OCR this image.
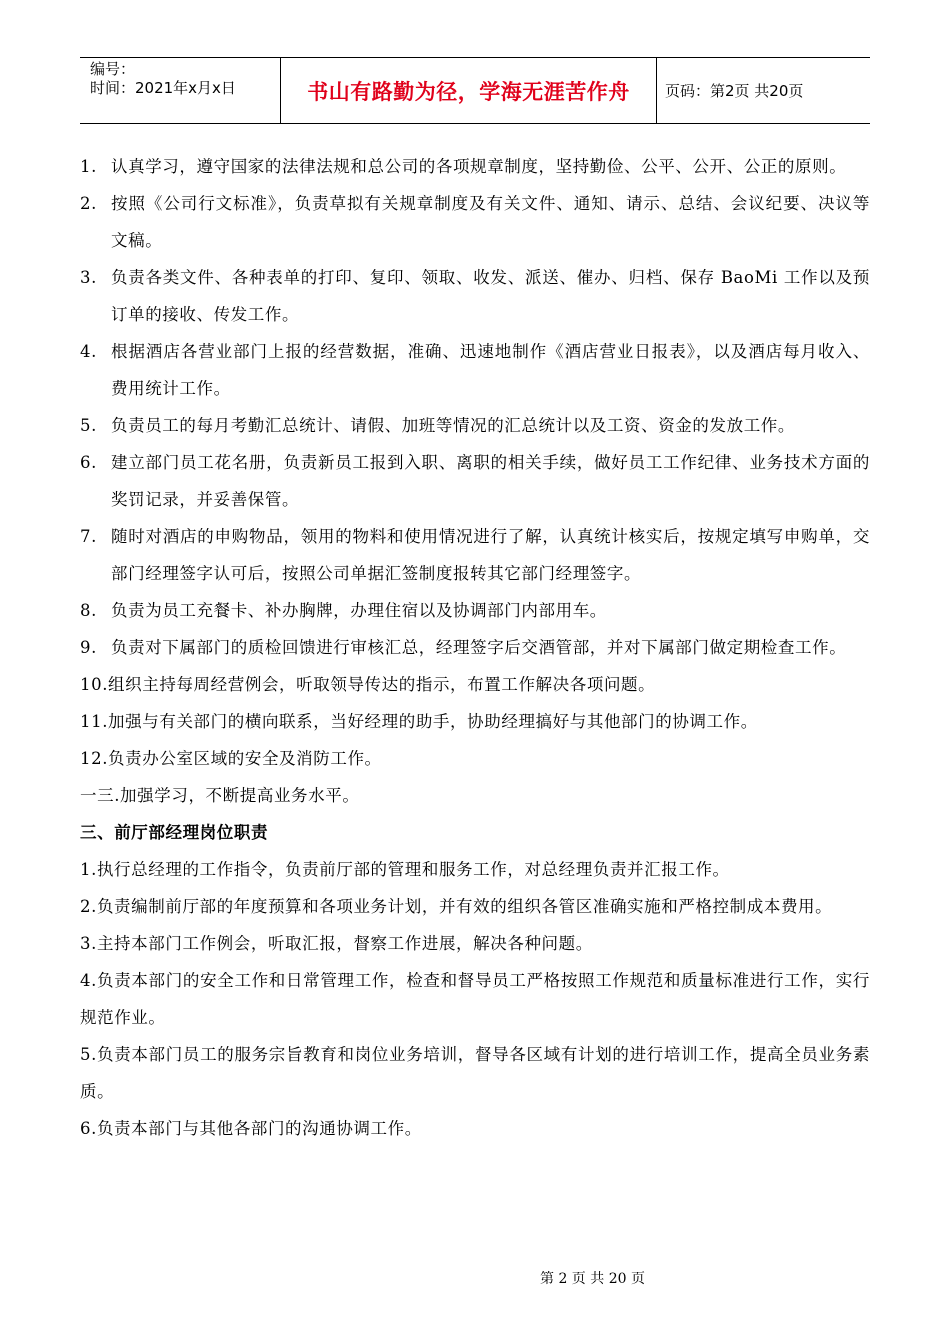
编号：
时间：2021年x月x日	书山有路勤为径，学海无涯苦作舟	页码：第2页 共20页
1. 认真学习，遵守国家的法律法规和总公司的各项规章制度，坚持勤俭、公平、公开、公正的原则。
2. 按照《公司行文标准》，负责草拟有关规章制度及有关文件、通知、请示、总结、会议纪要、决议等文稿。
3. 负责各类文件、各种表单的打印、复印、领取、收发、派送、催办、归档、保存 BaoMi 工作以及预订单的接收、传发工作。
4. 根据酒店各营业部门上报的经营数据，准确、迅速地制作《酒店营业日报表》，以及酒店每月收入、费用统计工作。
5. 负责员工的每月考勤汇总统计、请假、加班等情况的汇总统计以及工资、资金的发放工作。
6. 建立部门员工花名册，负责新员工报到入职、离职的相关手续，做好员工工作纪律、业务技术方面的奖罚记录，并妥善保管。
7. 随时对酒店的申购物品，领用的物料和使用情况进行了解，认真统计核实后，按规定填写申购单，交部门经理签字认可后，按照公司单据汇签制度报转其它部门经理签字。
8. 负责为员工充餐卡、补办胸牌，办理住宿以及协调部门内部用车。
9. 负责对下属部门的质检回馈进行审核汇总，经理签字后交酒管部，并对下属部门做定期检查工作。
10.组织主持每周经营例会，听取领导传达的指示，布置工作解决各项问题。
11.加强与有关部门的横向联系，当好经理的助手，协助经理搞好与其他部门的协调工作。
12.负责办公室区域的安全及消防工作。
一三.加强学习，不断提高业务水平。
三、前厅部经理岗位职责
1.执行总经理的工作指令，负责前厅部的管理和服务工作，对总经理负责并汇报工作。
2.负责编制前厅部的年度预算和各项业务计划，并有效的组织各管区准确实施和严格控制成本费用。
3.主持本部门工作例会，听取汇报，督察工作进展，解决各种问题。
4.负责本部门的安全工作和日常管理工作，检查和督导员工严格按照工作规范和质量标准进行工作，实行规范作业。
5.负责本部门员工的服务宗旨教育和岗位业务培训，督导各区域有计划的进行培训工作，提高全员业务素质。
6.负责本部门与其他各部门的沟通协调工作。
第 2 页 共 20 页
